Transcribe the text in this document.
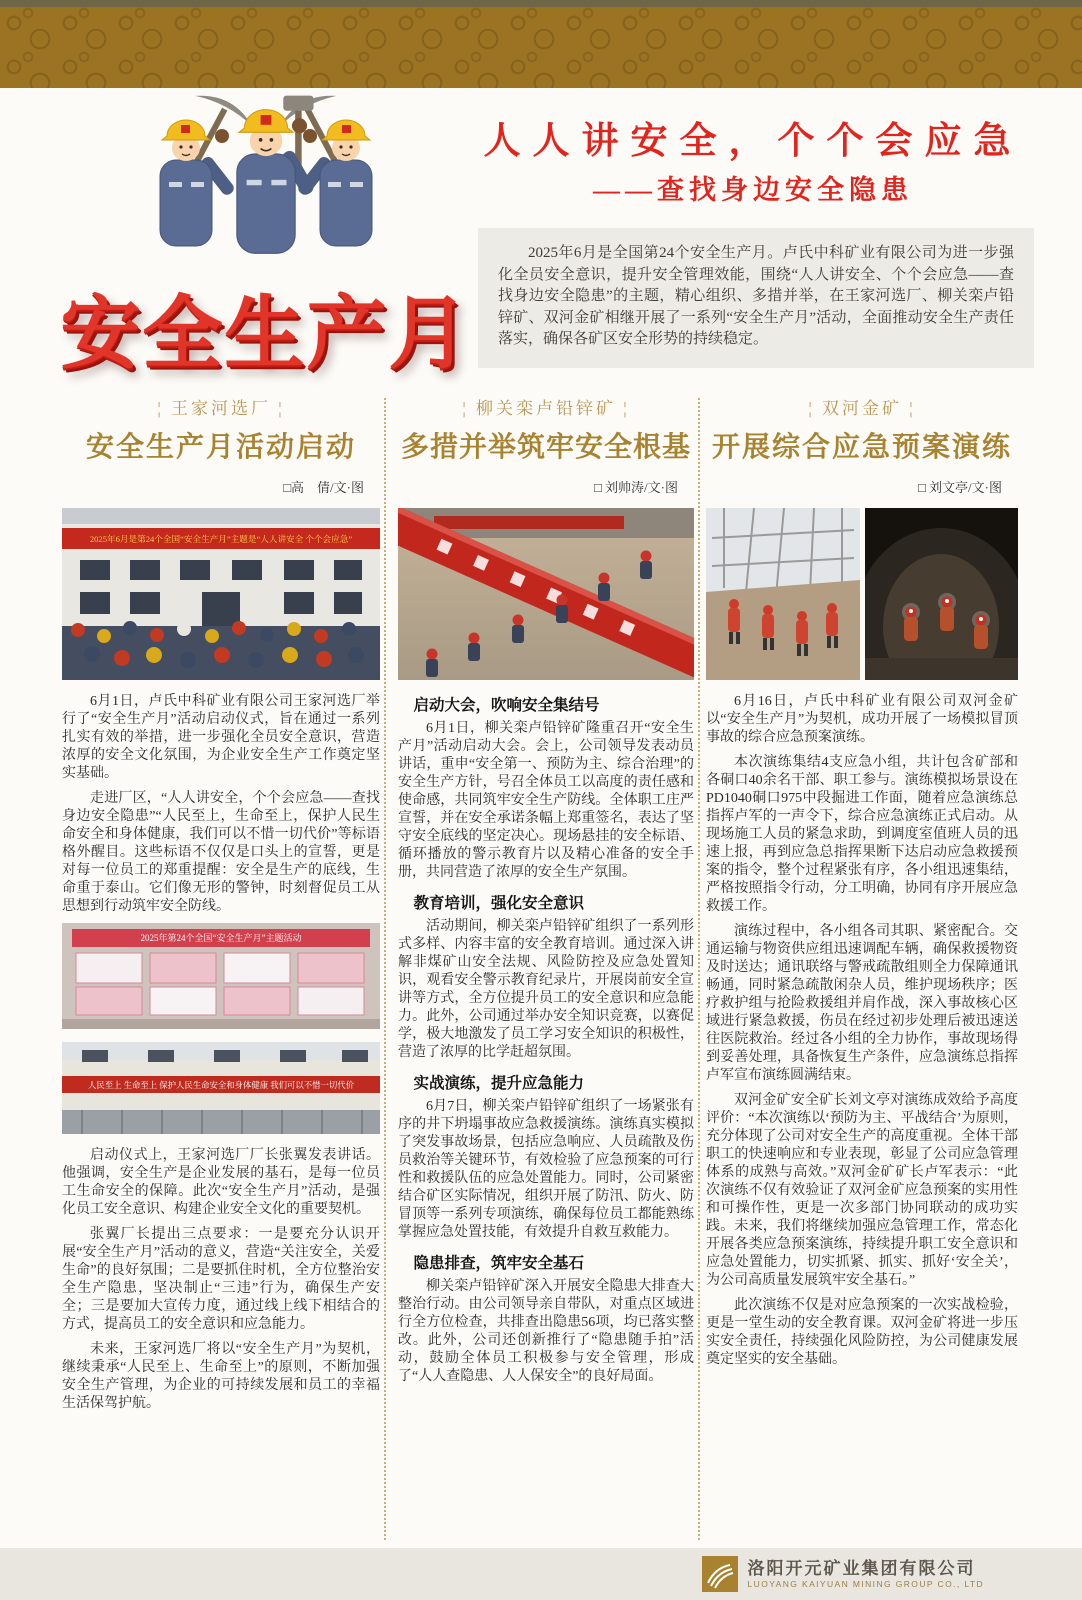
安全生产月
人人讲安全，个个会应急
——查找身边安全隐患

2025年6月是全国第24个安全生产月。卢氏中科矿业有限公司为进一步强化全员安全意识，提升安全管理效能，围绕“人人讲安全、个个会应急——查找身边安全隐患”的主题，精心组织、多措并举，在王家河选厂、柳关栾卢铅锌矿、双河金矿相继开展了一系列“安全生产月”活动，全面推动安全生产责任落实，确保各矿区安全形势的持续稳定。

¦ 王家河选厂 ¦
安全生产月活动启动
□高　倩/文·图
2025年6月是第24个全国“安全生产月”主题是“人人讲安全 个个会应急”

6月1日，卢氏中科矿业有限公司王家河选厂举行了“安全生产月”活动启动仪式，旨在通过一系列扎实有效的举措，进一步强化全员安全意识，营造浓厚的安全文化氛围，为企业安全生产工作奠定坚实基础。

走进厂区，“人人讲安全，个个会应急——查找身边安全隐患”“人民至上，生命至上，保护人民生命安全和身体健康，我们可以不惜一切代价”等标语格外醒目。这些标语不仅仅是口头上的宣誓，更是对每一位员工的郑重提醒：安全是生产的底线，生命重于泰山。它们像无形的警钟，时刻督促员工从思想到行动筑牢安全防线。

2025年第24个全国“安全生产月”主题活动
人民至上 生命至上 保护人民生命安全和身体健康 我们可以不惜一切代价

启动仪式上，王家河选厂厂长张翼发表讲话。他强调，安全生产是企业发展的基石，是每一位员工生命安全的保障。此次“安全生产月”活动，是强化员工安全意识、构建企业安全文化的重要契机。

张翼厂长提出三点要求：一是要充分认识开展“安全生产月”活动的意义，营造“关注安全，关爱生命”的良好氛围；二是要抓住时机，全方位整治安全生产隐患，坚决制止“三违”行为，确保生产安全；三是要加大宣传力度，通过线上线下相结合的方式，提高员工的安全意识和应急能力。

未来，王家河选厂将以“安全生产月”为契机，继续秉承“人民至上、生命至上”的原则，不断加强安全生产管理，为企业的可持续发展和员工的幸福生活保驾护航。

¦ 柳关栾卢铅锌矿 ¦
多措并举筑牢安全根基
□ 刘帅涛/文·图
启动大会，吹响安全集结号

6月1日，柳关栾卢铅锌矿隆重召开“安全生产月”活动启动大会。会上，公司领导发表动员讲话，重申“安全第一、预防为主、综合治理”的安全生产方针，号召全体员工以高度的责任感和使命感，共同筑牢安全生产防线。全体职工庄严宣誓，并在安全承诺条幅上郑重签名，表达了坚守安全底线的坚定决心。现场悬挂的安全标语、循环播放的警示教育片以及精心准备的安全手册，共同营造了浓厚的安全生产氛围。

教育培训，强化安全意识

活动期间，柳关栾卢铅锌矿组织了一系列形式多样、内容丰富的安全教育培训。通过深入讲解非煤矿山安全法规、风险防控及应急处置知识，观看安全警示教育纪录片，开展岗前安全宣讲等方式，全方位提升员工的安全意识和应急能力。此外，公司通过举办安全知识竞赛，以赛促学，极大地激发了员工学习安全知识的积极性，营造了浓厚的比学赶超氛围。

实战演练，提升应急能力

6月7日，柳关栾卢铅锌矿组织了一场紧张有序的井下坍塌事故应急救援演练。演练真实模拟了突发事故场景，包括应急响应、人员疏散及伤员救治等关键环节，有效检验了应急预案的可行性和救援队伍的应急处置能力。同时，公司紧密结合矿区实际情况，组织开展了防汛、防火、防冒顶等一系列专项演练，确保每位员工都能熟练掌握应急处置技能，有效提升自救互救能力。

隐患排查，筑牢安全基石

柳关栾卢铅锌矿深入开展安全隐患大排查大整治行动。由公司领导亲自带队，对重点区域进行全方位检查，共排查出隐患56项，均已落实整改。此外，公司还创新推行了“隐患随手拍”活动，鼓励全体员工积极参与安全管理，形成了“人人查隐患、人人保安全”的良好局面。

¦ 双河金矿 ¦
开展综合应急预案演练
□ 刘文亭/文·图

6月16日，卢氏中科矿业有限公司双河金矿以“安全生产月”为契机，成功开展了一场模拟冒顶事故的综合应急预案演练。

本次演练集结4支应急小组，共计包含矿部和各硐口40余名干部、职工参与。演练模拟场景设在PD1040硐口975中段掘进工作面，随着应急演练总指挥卢军的一声令下，综合应急演练正式启动。从现场施工人员的紧急求助，到调度室值班人员的迅速上报，再到应急总指挥果断下达启动应急救援预案的指令，整个过程紧张有序，各小组迅速集结，严格按照指令行动，分工明确，协同有序开展应急救援工作。

演练过程中，各小组各司其职、紧密配合。交通运输与物资供应组迅速调配车辆，确保救援物资及时送达；通讯联络与警戒疏散组则全力保障通讯畅通，同时紧急疏散闲杂人员，维护现场秩序；医疗救护组与抢险救援组并肩作战，深入事故核心区域进行紧急救援，伤员在经过初步处理后被迅速送往医院救治。经过各小组的全力协作，事故现场得到妥善处理，具备恢复生产条件，应急演练总指挥卢军宣布演练圆满结束。

双河金矿安全矿长刘文亭对演练成效给予高度评价：“本次演练以‘预防为主、平战结合’为原则，充分体现了公司对安全生产的高度重视。全体干部职工的快速响应和专业表现，彰显了公司应急管理体系的成熟与高效。”双河金矿矿长卢军表示：“此次演练不仅有效验证了双河金矿应急预案的实用性和可操作性，更是一次多部门协同联动的成功实践。未来，我们将继续加强应急管理工作，常态化开展各类应急预案演练，持续提升职工安全意识和应急处置能力，切实抓紧、抓实、抓好‘安全关’，为公司高质量发展筑牢安全基石。”

此次演练不仅是对应急预案的一次实战检验，更是一堂生动的安全教育课。双河金矿将进一步压实安全责任，持续强化风险防控，为公司健康发展奠定坚实的安全基础。

洛阳开元矿业集团有限公司
LUOYANG KAIYUAN MINING GROUP CO., LTD
